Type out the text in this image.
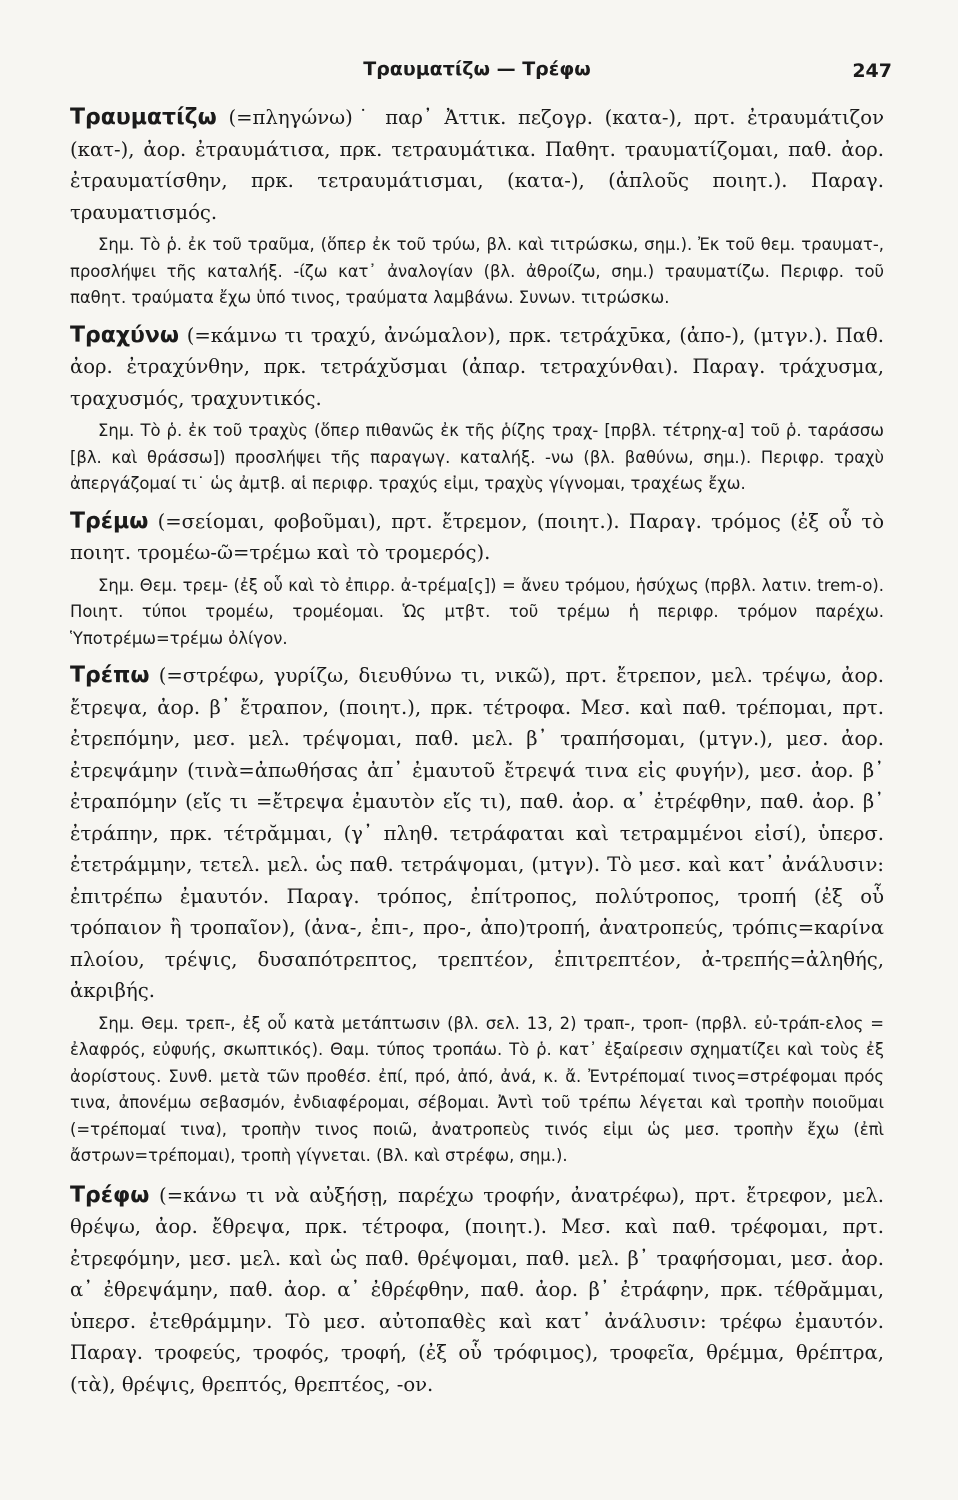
Τραυματίζω — Τρέφω	247

Τραυματίζω (=πληγώνω)˙ παρ᾽ Ἀττικ. πεζογρ. (κατα-), πρτ. ἐτραυμάτιζον (κατ-), ἀορ. ἐτραυμάτισα, πρκ. τετραυμάτικα. Παθητ. τραυματίζομαι, παθ. ἀορ. ἐτραυματίσθην, πρκ. τετραυμάτισμαι, (κατα-), (ἁπλοῦς ποιητ.). Παραγ. τραυματισμός.

Σημ. Τὸ ῥ. ἐκ τοῦ τραῦμα, (ὅπερ ἐκ τοῦ τρύω, βλ. καὶ τιτρώσκω, σημ.). Ἐκ τοῦ θεμ. τραυματ-, προσλήψει τῆς καταλήξ. -ίζω κατ᾽ ἀναλογίαν (βλ. ἀθροίζω, σημ.) τραυματίζω. Περιφρ. τοῦ παθητ. τραύματα ἔχω ὑπό τινος, τραύματα λαμβάνω. Συνων. τιτρώσκω.

Τραχύνω (=κάμνω τι τραχύ, ἀνώμαλον), πρκ. τετράχῡκα, (ἀπο-), (μτγν.). Παθ. ἀορ. ἐτραχύνθην, πρκ. τετράχῠσμαι (ἀπαρ. τετραχύνθαι). Παραγ. τράχυσμα, τραχυσμός, τραχυντικός.

Σημ. Τὸ ῥ. ἐκ τοῦ τραχὺς (ὅπερ πιθανῶς ἐκ τῆς ῥίζης τραχ- [πρβλ. τέτρηχ-α] τοῦ ῥ. ταράσσω [βλ. καὶ θράσσω]) προσλήψει τῆς παραγωγ. καταλήξ. -νω (βλ. βαθύνω, σημ.). Περιφρ. τραχὺ ἀπεργάζομαί τι˙ ὡς ἀμτβ. αἱ περιφρ. τραχύς εἰμι, τραχὺς γίγνομαι, τραχέως ἔχω.

Τρέμω (=σείομαι, φοβοῦμαι), πρτ. ἔτρεμον, (ποιητ.). Παραγ. τρόμος (ἐξ οὗ τὸ ποιητ. τρομέω-ῶ=τρέμω καὶ τὸ τρομερός).

Σημ. Θεμ. τρεμ- (ἐξ οὗ καὶ τὸ ἐπιρρ. ἀ-τρέμα[ς]) = ἄνευ τρόμου, ἡσύχως (πρβλ. λατιν. trem-o). Ποιητ. τύποι τρομέω, τρομέομαι. Ὡς μτβτ. τοῦ τρέμω ἡ περιφρ. τρόμον παρέχω. Ὑποτρέμω=τρέμω ὀλίγον.

Τρέπω (=στρέφω, γυρίζω, διευθύνω τι, νικῶ), πρτ. ἔτρεπον, μελ. τρέψω, ἀορ. ἔτρεψα, ἀορ. β᾽ ἔτραπον, (ποιητ.), πρκ. τέτροφα. Μεσ. καὶ παθ. τρέπομαι, πρτ. ἐτρεπόμην, μεσ. μελ. τρέψομαι, παθ. μελ. β᾽ τραπήσομαι, (μτγν.), μεσ. ἀορ. ἐτρεψάμην (τινὰ=ἀπωθήσας ἀπ᾽ ἐμαυτοῦ ἔτρεψά τινα εἰς φυγήν), μεσ. ἀορ. β᾽ ἐτραπόμην (εἴς τι =ἔτρεψα ἐμαυτὸν εἴς τι), παθ. ἀορ. α᾽ ἐτρέφθην, παθ. ἀορ. β᾽ ἐτράπην, πρκ. τέτρᾰμμαι, (γ᾽ πληθ. τετράφαται καὶ τετραμμένοι εἰσί), ὑπερσ. ἐτετράμμην, τετελ. μελ. ὡς παθ. τετράψομαι, (μτγν). Τὸ μεσ. καὶ κατ᾽ ἀνάλυσιν: ἐπιτρέπω ἐμαυτόν. Παραγ. τρόπος, ἐπίτροπος, πολύτροπος, τροπή (ἐξ οὗ τρόπαιον ἢ τροπαῖον), (ἀνα-, ἐπι-, προ-, ἀπο)τροπή, ἀνατροπεύς, τρόπις=καρίνα πλοίου, τρέψις, δυσαπότρεπτος, τρεπτέον, ἐπιτρεπτέον, ἀ-τρεπής=ἀληθής, ἀκριβής.

Σημ. Θεμ. τρεπ-, ἐξ οὗ κατὰ μετάπτωσιν (βλ. σελ. 13, 2) τραπ-, τροπ- (πρβλ. εὐ-τράπ-ελος = ἐλαφρός, εὐφυής, σκωπτικός). Θαμ. τύπος τροπάω. Τὸ ῥ. κατ᾽ ἐξαίρεσιν σχηματίζει καὶ τοὺς ἐξ ἀορίστους. Συνθ. μετὰ τῶν προθέσ. ἐπί, πρό, ἀπό, ἀνά, κ. ἄ. Ἐντρέπομαί τινος=στρέφομαι πρός τινα, ἀπονέμω σεβασμόν, ἐνδιαφέρομαι, σέβομαι. Ἀντὶ τοῦ τρέπω λέγεται καὶ τροπὴν ποιοῦμαι (=τρέπομαί τινα), τροπὴν τινος ποιῶ, ἀνατροπεὺς τινός εἰμι ὡς μεσ. τροπὴν ἔχω (ἐπὶ ἄστρων=τρέπομαι), τροπὴ γίγνεται. (Βλ. καὶ στρέφω, σημ.).

Τρέφω (=κάνω τι νὰ αὐξήσῃ, παρέχω τροφήν, ἀνατρέφω), πρτ. ἔτρεφον, μελ. θρέψω, ἀορ. ἔθρεψα, πρκ. τέτροφα, (ποιητ.). Μεσ. καὶ παθ. τρέφομαι, πρτ. ἐτρεφόμην, μεσ. μελ. καὶ ὡς παθ. θρέψομαι, παθ. μελ. β᾽ τραφήσομαι, μεσ. ἀορ. α᾽ ἐθρεψάμην, παθ. ἀορ. α᾽ ἐθρέφθην, παθ. ἀορ. β᾽ ἐτράφην, πρκ. τέθρᾰμμαι, ὑπερσ. ἐτεθράμμην. Τὸ μεσ. αὐτοπαθὲς καὶ κατ᾽ ἀνάλυσιν: τρέφω ἐμαυτόν. Παραγ. τροφεύς, τροφός, τροφή, (ἐξ οὗ τρόφιμος), τροφεῖα, θρέμμα, θρέπτρα, (τὰ), θρέψις, θρεπτός, θρεπτέος, -ον.
